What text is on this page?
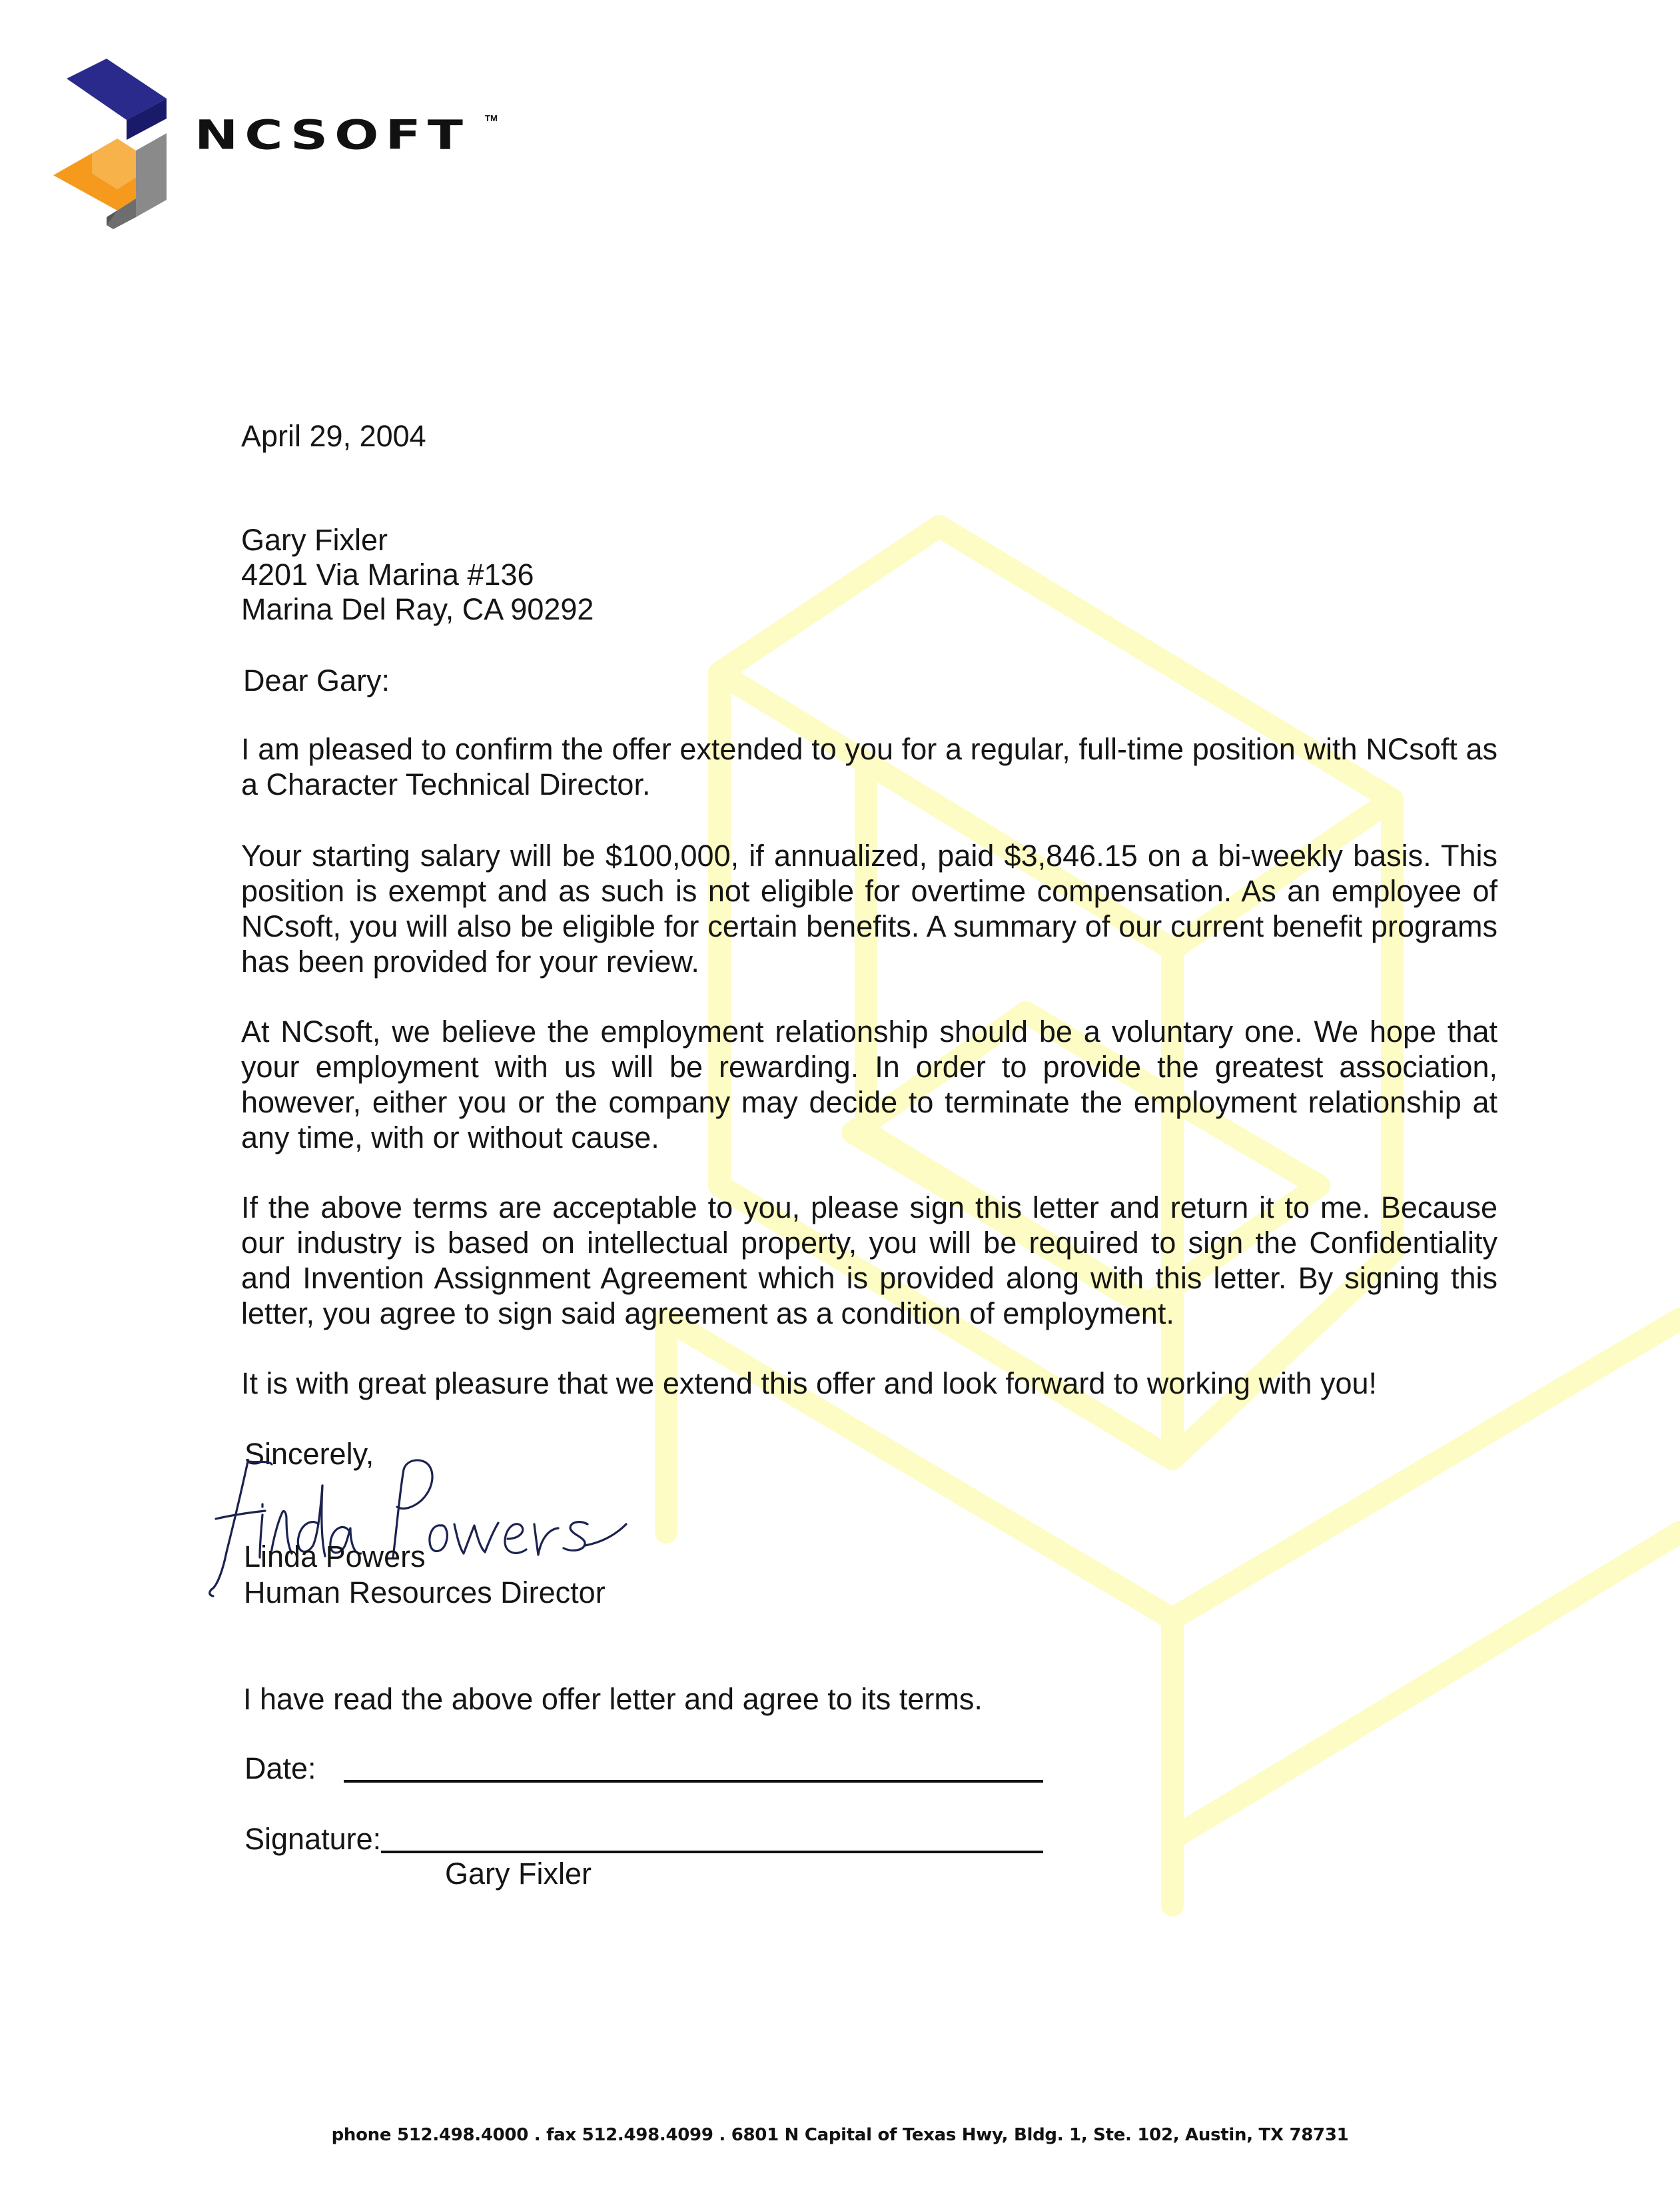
NCSOFT TM

April 29, 2004

Gary Fixler

4201 Via Marina #136

Marina Del Ray, CA 90292

Dear Gary:

I am pleased to confirm the offer extended to you for a regular, full-time position with NCsoft as a Character Technical Director.

Your starting salary will be $100,000, if annualized, paid $3,846.15 on a bi-weekly basis. This position is exempt and as such is not eligible for overtime compensation. As an employee of NCsoft, you will also be eligible for certain benefits. A summary of our current benefit programs has been provided for your review.

At NCsoft, we believe the employment relationship should be a voluntary one. We hope that your employment with us will be rewarding. In order to provide the greatest association, however, either you or the company may decide to terminate the employment relationship at any time, with or without cause.

If the above terms are acceptable to you, please sign this letter and return it to me. Because our industry is based on intellectual property, you will be required to sign the Confidentiality and Invention Assignment Agreement which is provided along with this letter. By signing this letter, you agree to sign said agreement as a condition of employment.

It is with great pleasure that we extend this offer and look forward to working with you!

Sincerely,

Linda Powers

Human Resources Director

I have read the above offer letter and agree to its terms.

Date:

Signature:

Gary Fixler

phone 512.498.4000 . fax 512.498.4099 . 6801 N Capital of Texas Hwy, Bldg. 1, Ste. 102, Austin, TX 78731
